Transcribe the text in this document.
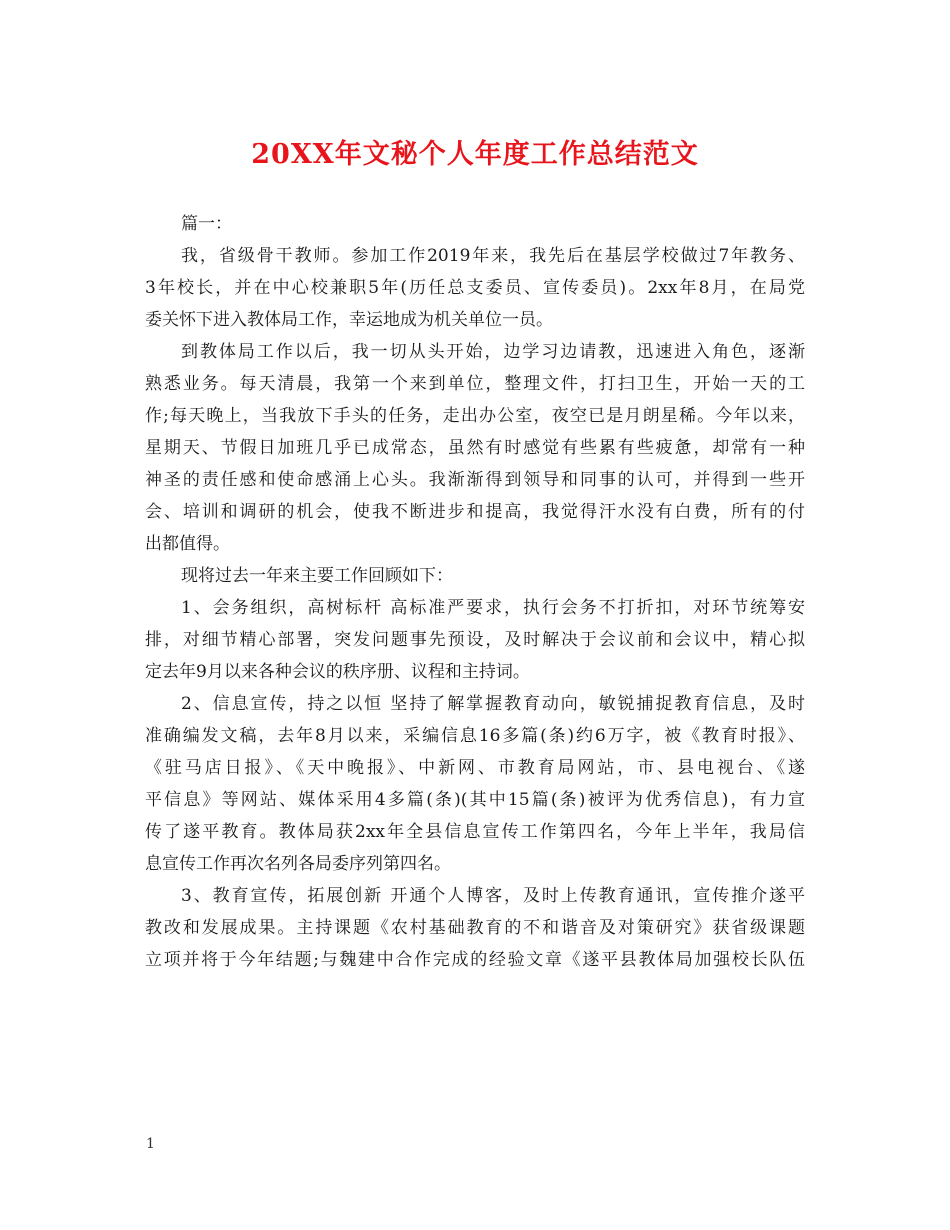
20XX年文秘个人年度工作总结范文
篇一：
我，省级骨干教师。参加工作2019年来，我先后在基层学校做过7年教务、
3年校长，并在中心校兼职5年(历任总支委员、宣传委员)。2xx年8月，在局党
委关怀下进入教体局工作，幸运地成为机关单位一员。
到教体局工作以后，我一切从头开始，边学习边请教，迅速进入角色，逐渐
熟悉业务。每天清晨，我第一个来到单位，整理文件，打扫卫生，开始一天的工
作;每天晚上，当我放下手头的任务，走出办公室，夜空已是月朗星稀。今年以来，
星期天、节假日加班几乎已成常态，虽然有时感觉有些累有些疲惫，却常有一种
神圣的责任感和使命感涌上心头。我渐渐得到领导和同事的认可，并得到一些开
会、培训和调研的机会，使我不断进步和提高，我觉得汗水没有白费，所有的付
出都值得。
现将过去一年来主要工作回顾如下：
1、会务组织，高树标杆 高标准严要求，执行会务不打折扣，对环节统筹安
排，对细节精心部署，突发问题事先预设，及时解决于会议前和会议中，精心拟
定去年9月以来各种会议的秩序册、议程和主持词。
2、信息宣传，持之以恒 坚持了解掌握教育动向，敏锐捕捉教育信息，及时
准确编发文稿，去年8月以来，采编信息16多篇(条)约6万字，被《教育时报》、
《驻马店日报》、《天中晚报》、中新网、市教育局网站，市、县电视台、《遂
平信息》等网站、媒体采用4多篇(条)(其中15篇(条)被评为优秀信息)，有力宣
传了遂平教育。教体局获2xx年全县信息宣传工作第四名，今年上半年，我局信
息宣传工作再次名列各局委序列第四名。
3、教育宣传，拓展创新 开通个人博客，及时上传教育通讯，宣传推介遂平
教改和发展成果。主持课题《农村基础教育的不和谐音及对策研究》获省级课题
立项并将于今年结题;与魏建中合作完成的经验文章《遂平县教体局加强校长队伍
1
